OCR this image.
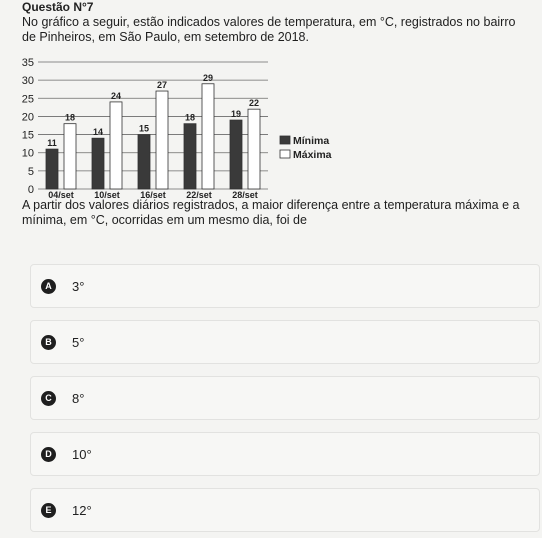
Questão N°7
No gráfico a seguir, estão indicados valores de temperatura, em °C, registrados no bairro de Pinheiros, em São Paulo, em setembro de 2018.
0
5
10
15
20
25
30
35
11
18
04/set
14
24
10/set
15
27
16/set
18
29
22/set
19
22
28/set
Mínima
Máxima
A partir dos valores diários registrados, a maior diferença entre a temperatura máxima e a mínima, em °C, ocorridas em um mesmo dia, foi de
A	3°
B	5°
C	8°
D	10°
E	12°
